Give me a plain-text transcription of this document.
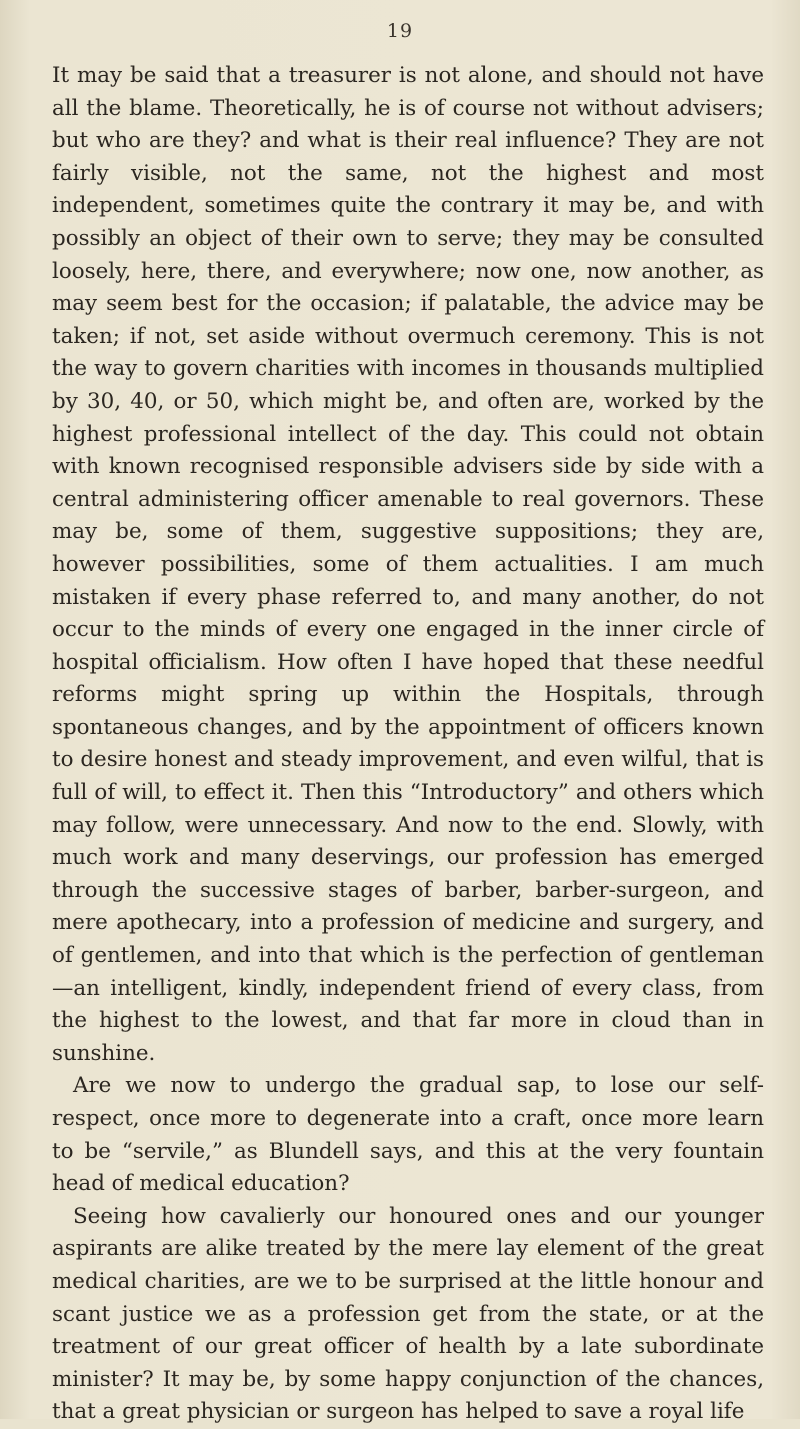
19

It may be said that a treasurer is not alone, and should not have all the blame. Theoretically, he is of course not without advisers; but who are they? and what is their real influence? They are not fairly visible, not the same, not the highest and most independent, sometimes quite the contrary it may be, and with possibly an object of their own to serve; they may be consulted loosely, here, there, and everywhere; now one, now another, as may seem best for the occasion; if palatable, the advice may be taken; if not, set aside without overmuch ceremony. This is not the way to govern charities with incomes in thousands multiplied by 30, 40, or 50, which might be, and often are, worked by the highest professional intellect of the day. This could not obtain with known recognised responsible advisers side by side with a central administering officer amenable to real governors. These may be, some of them, suggestive suppositions; they are, however possibilities, some of them actualities. I am much mistaken if every phase referred to, and many another, do not occur to the minds of every one engaged in the inner circle of hospital officialism. How often I have hoped that these needful reforms might spring up within the Hospitals, through spontaneous changes, and by the appointment of officers known to desire honest and steady improvement, and even wilful, that is full of will, to effect it. Then this “Introductory” and others which may follow, were unnecessary. And now to the end. Slowly, with much work and many deservings, our profession has emerged through the successive stages of barber, barber-surgeon, and mere apothecary, into a profession of medicine and surgery, and of gentlemen, and into that which is the perfection of gentleman—an intelligent, kindly, independent friend of every class, from the highest to the lowest, and that far more in cloud than in sunshine.

Are we now to undergo the gradual sap, to lose our self-respect, once more to degenerate into a craft, once more learn to be “servile,” as Blundell says, and this at the very fountain head of medical education?

Seeing how cavalierly our honoured ones and our younger aspirants are alike treated by the mere lay element of the great medical charities, are we to be surprised at the little honour and scant justice we as a profession get from the state, or at the treatment of our great officer of health by a late subordinate minister? It may be, by some happy conjunction of the chances, that a great physician or surgeon has helped to save a royal life
